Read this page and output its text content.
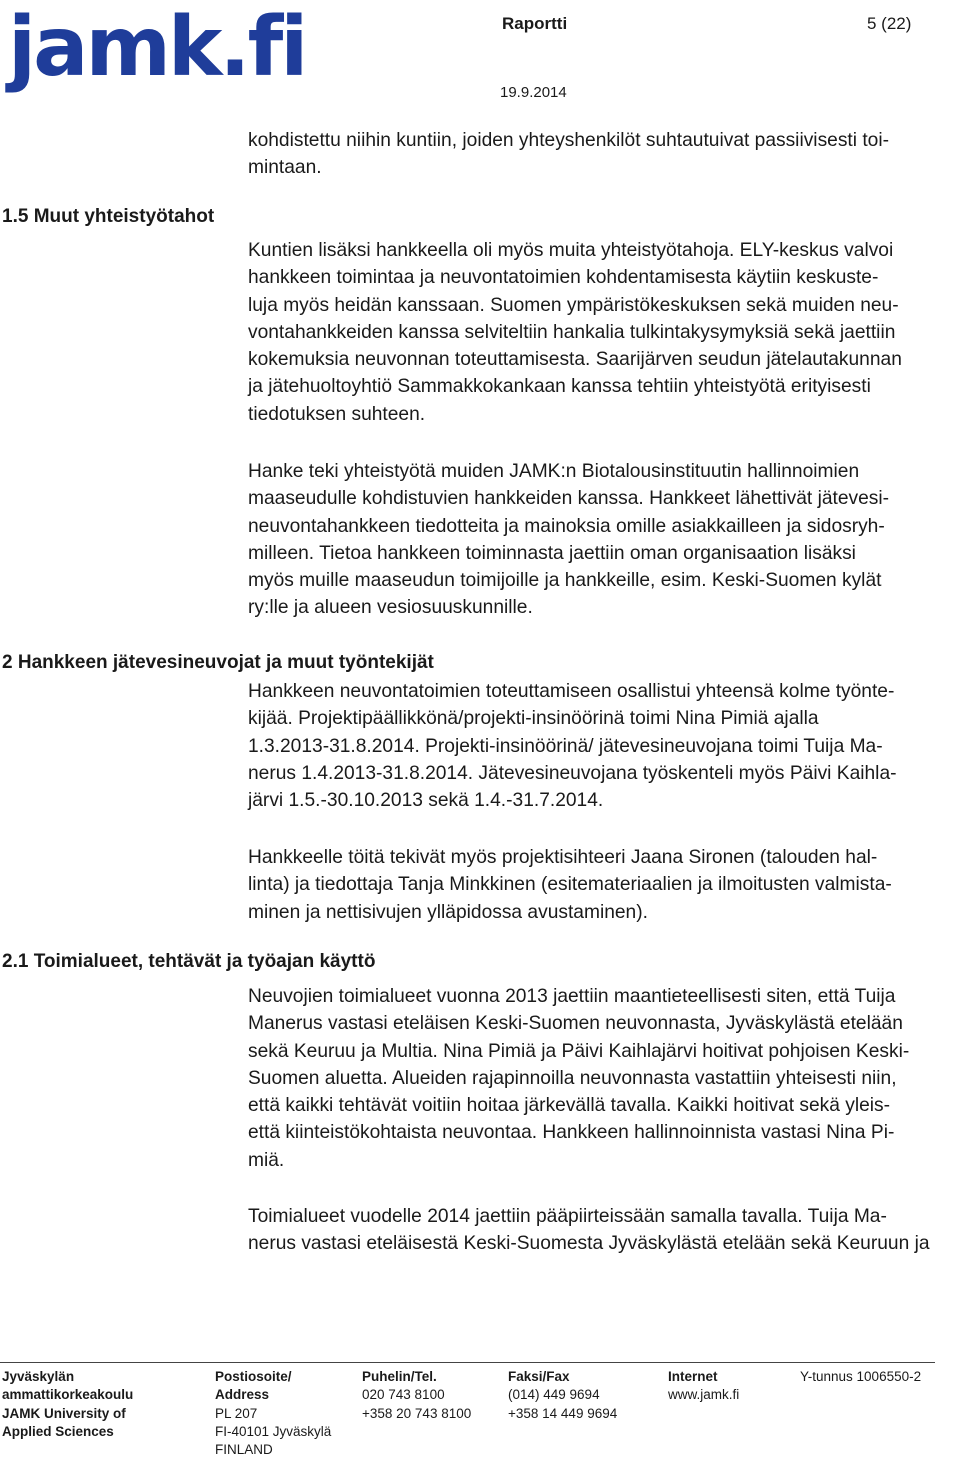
jamk.fi	Raportti	5 (22)
19.9.2014
kohdistettu niihin kuntiin, joiden yhteyshenkilöt suhtautuivat passiivisesti toi-
mintaan.
1.5 Muut yhteistyötahot
Kuntien lisäksi hankkeella oli myös muita yhteistyötahoja. ELY-keskus valvoi
hankkeen toimintaa ja neuvontatoimien kohdentamisesta käytiin keskuste-
luja myös heidän kanssaan. Suomen ympäristökeskuksen sekä muiden neu-
vontahankkeiden kanssa selviteltiin hankalia tulkintakysymyksiä sekä jaettiin
kokemuksia neuvonnan toteuttamisesta. Saarijärven seudun jätelautakunnan
ja jätehuoltoyhtiö Sammakkokankaan kanssa tehtiin yhteistyötä erityisesti
tiedotuksen suhteen.
Hanke teki yhteistyötä muiden JAMK:n Biotalousinstituutin hallinnoimien
maaseudulle kohdistuvien hankkeiden kanssa. Hankkeet lähettivät jätevesi-
neuvontahankkeen tiedotteita ja mainoksia omille asiakkailleen ja sidosryh-
milleen. Tietoa hankkeen toiminnasta jaettiin oman organisaation lisäksi
myös muille maaseudun toimijoille ja hankkeille, esim. Keski-Suomen kylät
ry:lle ja alueen vesiosuuskunnille.
2 Hankkeen jätevesineuvojat ja muut työntekijät
Hankkeen neuvontatoimien toteuttamiseen osallistui yhteensä kolme työnte-
kijää. Projektipäällikkönä/projekti-insinöörinä toimi Nina Pimiä ajalla
1.3.2013-31.8.2014. Projekti-insinöörinä/ jätevesineuvojana toimi Tuija Ma-
nerus 1.4.2013-31.8.2014. Jätevesineuvojana työskenteli myös Päivi Kaihla-
järvi 1.5.-30.10.2013 sekä 1.4.-31.7.2014.
Hankkeelle töitä tekivät myös projektisihteeri Jaana Sironen (talouden hal-
linta) ja tiedottaja Tanja Minkkinen (esitemateriaalien ja ilmoitusten valmista-
minen ja nettisivujen ylläpidossa avustaminen).
2.1 Toimialueet, tehtävät ja työajan käyttö
Neuvojien toimialueet vuonna 2013 jaettiin maantieteellisesti siten, että Tuija
Manerus vastasi eteläisen Keski-Suomen neuvonnasta, Jyväskylästä etelään
sekä Keuruu ja Multia. Nina Pimiä ja Päivi Kaihlajärvi hoitivat pohjoisen Keski-
Suomen aluetta. Alueiden rajapinnoilla neuvonnasta vastattiin yhteisesti niin,
että kaikki tehtävät voitiin hoitaa järkevällä tavalla. Kaikki hoitivat sekä yleis-
että kiinteistökohtaista neuvontaa. Hankkeen hallinnoinnista vastasi Nina Pi-
miä.
Toimialueet vuodelle 2014 jaettiin pääpiirteissään samalla tavalla. Tuija Ma-
nerus vastasi eteläisestä Keski-Suomesta Jyväskylästä etelään sekä Keuruun ja
Jyväskylän
ammattikorkeakoulu
JAMK University of
Applied Sciences
Postiosoite/
Address
PL 207
FI-40101 Jyväskylä
FINLAND
Puhelin/Tel.
020 743 8100
+358 20 743 8100
Faksi/Fax
(014) 449 9694
+358 14 449 9694
Internet
www.jamk.fi
Y-tunnus 1006550-2
